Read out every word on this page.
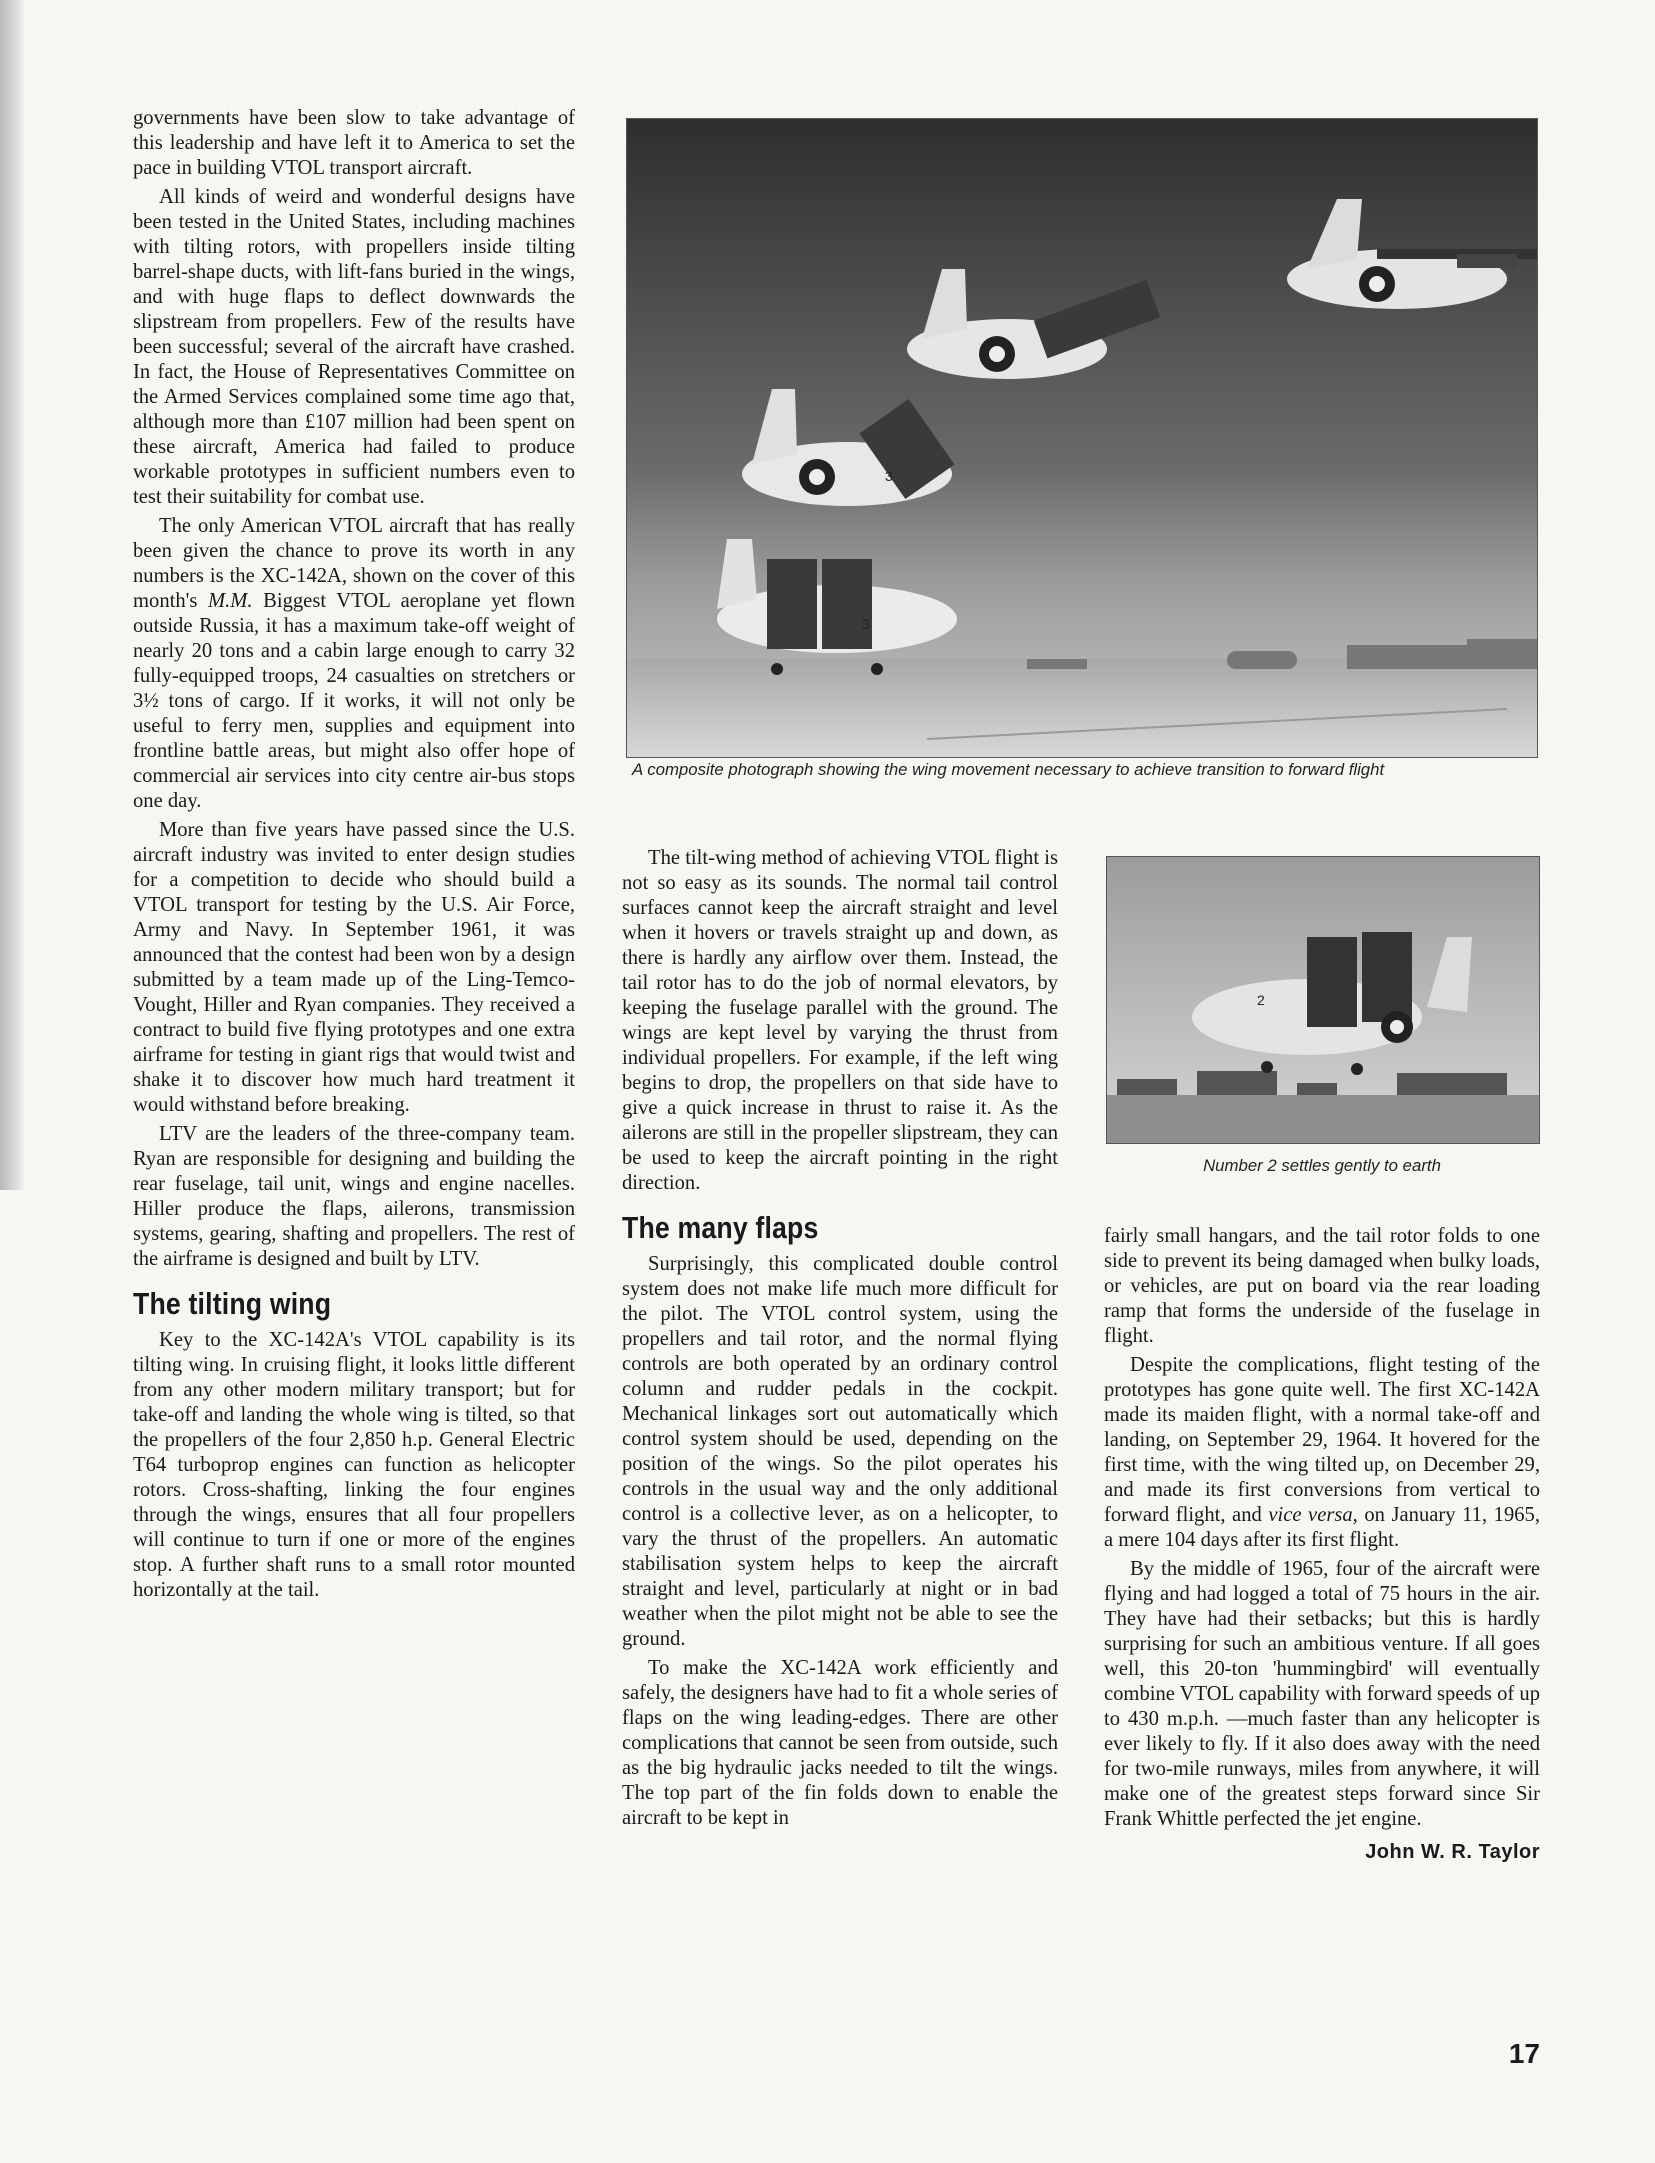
governments have been slow to take advantage of this leadership and have left it to America to set the pace in building VTOL transport aircraft.

All kinds of weird and wonderful designs have been tested in the United States, including machines with tilting rotors, with propellers inside tilting barrel-shape ducts, with lift-fans buried in the wings, and with huge flaps to deflect downwards the slipstream from propellers. Few of the results have been successful; several of the aircraft have crashed. In fact, the House of Representatives Committee on the Armed Services complained some time ago that, although more than £107 million had been spent on these aircraft, America had failed to produce workable prototypes in sufficient numbers even to test their suitability for combat use.

The only American VTOL aircraft that has really been given the chance to prove its worth in any numbers is the XC-142A, shown on the cover of this month's M.M. Biggest VTOL aeroplane yet flown outside Russia, it has a maximum take-off weight of nearly 20 tons and a cabin large enough to carry 32 fully-equipped troops, 24 casualties on stretchers or 3½ tons of cargo. If it works, it will not only be useful to ferry men, supplies and equipment into frontline battle areas, but might also offer hope of commercial air services into city centre air-bus stops one day.

More than five years have passed since the U.S. aircraft industry was invited to enter design studies for a competition to decide who should build a VTOL transport for testing by the U.S. Air Force, Army and Navy. In September 1961, it was announced that the contest had been won by a design submitted by a team made up of the Ling-Temco-Vought, Hiller and Ryan companies. They received a contract to build five flying prototypes and one extra airframe for testing in giant rigs that would twist and shake it to discover how much hard treatment it would withstand before breaking.

LTV are the leaders of the three-company team. Ryan are responsible for designing and building the rear fuselage, tail unit, wings and engine nacelles. Hiller produce the flaps, ailerons, transmission systems, gearing, shafting and propellers. The rest of the airframe is designed and built by LTV.

The tilting wing

Key to the XC-142A's VTOL capability is its tilting wing. In cruising flight, it looks little different from any other modern military transport; but for take-off and landing the whole wing is tilted, so that the propellers of the four 2,850 h.p. General Electric T64 turboprop engines can function as helicopter rotors. Cross-shafting, linking the four engines through the wings, ensures that all four propellers will continue to turn if one or more of the engines stop. A further shaft runs to a small rotor mounted horizontally at the tail.

3
3
A composite photograph showing the wing movement necessary to achieve transition to forward flight

The tilt-wing method of achieving VTOL flight is not so easy as its sounds. The normal tail control surfaces cannot keep the aircraft straight and level when it hovers or travels straight up and down, as there is hardly any airflow over them. Instead, the tail rotor has to do the job of normal elevators, by keeping the fuselage parallel with the ground. The wings are kept level by varying the thrust from individual propellers. For example, if the left wing begins to drop, the propellers on that side have to give a quick increase in thrust to raise it. As the ailerons are still in the propeller slipstream, they can be used to keep the aircraft pointing in the right direction.

The many flaps

Surprisingly, this complicated double control system does not make life much more difficult for the pilot. The VTOL control system, using the propellers and tail rotor, and the normal flying controls are both operated by an ordinary control column and rudder pedals in the cockpit. Mechanical linkages sort out automatically which control system should be used, depending on the position of the wings. So the pilot operates his controls in the usual way and the only additional control is a collective lever, as on a helicopter, to vary the thrust of the propellers. An automatic stabilisation system helps to keep the aircraft straight and level, particularly at night or in bad weather when the pilot might not be able to see the ground.

To make the XC-142A work efficiently and safely, the designers have had to fit a whole series of flaps on the wing leading-edges. There are other complications that cannot be seen from outside, such as the big hydraulic jacks needed to tilt the wings. The top part of the fin folds down to enable the aircraft to be kept in

2
Number 2 settles gently to earth

fairly small hangars, and the tail rotor folds to one side to prevent its being damaged when bulky loads, or vehicles, are put on board via the rear loading ramp that forms the underside of the fuselage in flight.

Despite the complications, flight testing of the prototypes has gone quite well. The first XC-142A made its maiden flight, with a normal take-off and landing, on September 29, 1964. It hovered for the first time, with the wing tilted up, on December 29, and made its first conversions from vertical to forward flight, and vice versa, on January 11, 1965, a mere 104 days after its first flight.

By the middle of 1965, four of the aircraft were flying and had logged a total of 75 hours in the air. They have had their setbacks; but this is hardly surprising for such an ambitious venture. If all goes well, this 20-ton 'hummingbird' will eventually combine VTOL capability with forward speeds of up to 430 m.p.h. —much faster than any helicopter is ever likely to fly. If it also does away with the need for two-mile runways, miles from anywhere, it will make one of the greatest steps forward since Sir Frank Whittle perfected the jet engine.

John W. R. Taylor
17
